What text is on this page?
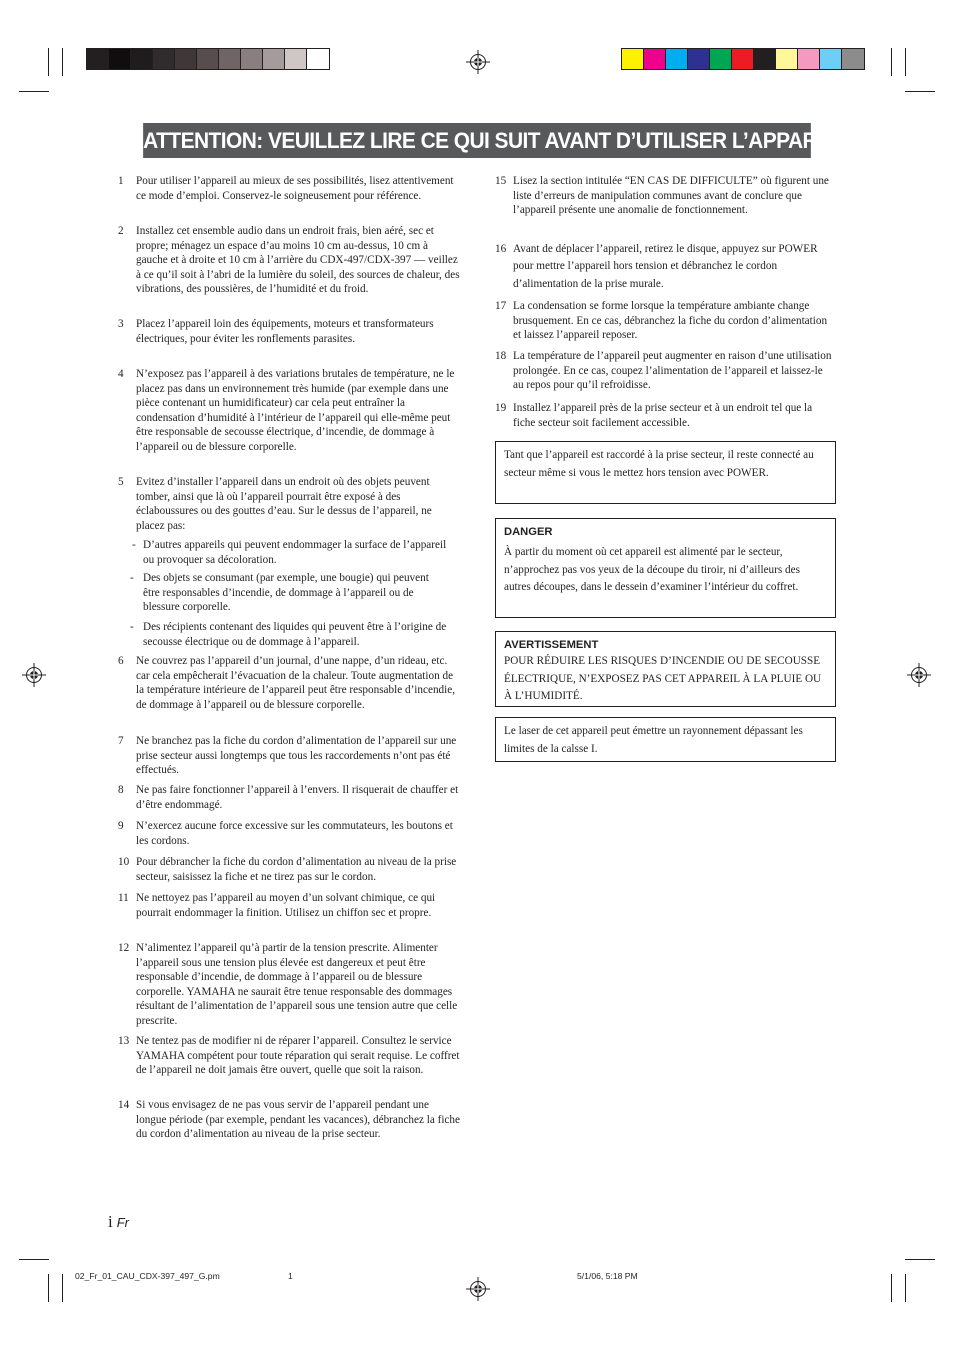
ATTENTION: VEUILLEZ LIRE CE QUI SUIT AVANT D’UTILISER L’APPAREIL.
1 Pour utiliser l’appareil au mieux de ses possibilités, lisez attentivement ce mode d’emploi. Conservez-le soigneusement pour référence.
2 Installez cet ensemble audio dans un endroit frais, bien aéré, sec et propre; ménagez un espace d’au moins 10 cm au-dessus, 10 cm à gauche et à droite et 10 cm à l’arrière du CDX-497/CDX-397 — veillez à ce qu’il soit à l’abri de la lumière du soleil, des sources de chaleur, des vibrations, des poussières, de l’humidité et du froid.
3 Placez l’appareil loin des équipements, moteurs et transformateurs électriques, pour éviter les ronflements parasites.
4 N’exposez pas l’appareil à des variations brutales de température, ne le placez pas dans un environnement très humide (par exemple dans une pièce contenant un humidificateur) car cela peut entraîner la condensation d’humidité à l’intérieur de l’appareil qui elle-même peut être responsable de secousse électrique, d’incendie, de dommage à l’appareil ou de blessure corporelle.
5 Evitez d’installer l’appareil dans un endroit où des objets peuvent tomber, ainsi que là où l’appareil pourrait être exposé à des éclaboussures ou des gouttes d’eau. Sur le dessus de l’appareil, ne placez pas:
- D’autres appareils qui peuvent endommager la surface de l’appareil ou provoquer sa décoloration.
- Des objets se consumant (par exemple, une bougie) qui peuvent être responsables d’incendie, de dommage à l’appareil ou de blessure corporelle.
- Des récipients contenant des liquides qui peuvent être à l’origine de secousse électrique ou de dommage à l’appareil.
6 Ne couvrez pas l’appareil d’un journal, d’une nappe, d’un rideau, etc. car cela empêcherait l’évacuation de la chaleur. Toute augmentation de la température intérieure de l’appareil peut être responsable d’incendie, de dommage à l’appareil ou de blessure corporelle.
7 Ne branchez pas la fiche du cordon d’alimentation de l’appareil sur une prise secteur aussi longtemps que tous les raccordements n’ont pas été effectués.
8 Ne pas faire fonctionner l’appareil à l’envers. Il risquerait de chauffer et d’être endommagé.
9 N’exercez aucune force excessive sur les commutateurs, les boutons et les cordons.
10 Pour débrancher la fiche du cordon d’alimentation au niveau de la prise secteur, saisissez la fiche et ne tirez pas sur le cordon.
11 Ne nettoyez pas l’appareil au moyen d’un solvant chimique, ce qui pourrait endommager la finition. Utilisez un chiffon sec et propre.
12 N’alimentez l’appareil qu’à partir de la tension prescrite. Alimenter l’appareil sous une tension plus élevée est dangereux et peut être responsable d’incendie, de dommage à l’appareil ou de blessure corporelle. YAMAHA ne saurait être tenue responsable des dommages résultant de l’alimentation de l’appareil sous une tension autre que celle prescrite.
13 Ne tentez pas de modifier ni de réparer l’appareil. Consultez le service YAMAHA compétent pour toute réparation qui serait requise. Le coffret de l’appareil ne doit jamais être ouvert, quelle que soit la raison.
14 Si vous envisagez de ne pas vous servir de l’appareil pendant une longue période (par exemple, pendant les vacances), débranchez la fiche du cordon d’alimentation au niveau de la prise secteur.
15 Lisez la section intitulée “EN CAS DE DIFFICULTE” où figurent une liste d’erreurs de manipulation communes avant de conclure que l’appareil présente une anomalie de fonctionnement.
16 Avant de déplacer l’appareil, retirez le disque, appuyez sur POWER pour mettre l’appareil hors tension et débranchez le cordon d’alimentation de la prise murale.
17 La condensation se forme lorsque la température ambiante change brusquement. En ce cas, débranchez la fiche du cordon d’alimentation et laissez l’appareil reposer.
18 La température de l’appareil peut augmenter en raison d’une utilisation prolongée. En ce cas, coupez l’alimentation de l’appareil et laissez-le au repos pour qu’il refroidisse.
19 Installez l’appareil près de la prise secteur et à un endroit tel que la fiche secteur soit facilement accessible.
Tant que l’appareil est raccordé à la prise secteur, il reste connecté au secteur même si vous le mettez hors tension avec POWER.
DANGER
À partir du moment où cet appareil est alimenté par le secteur, n’approchez pas vos yeux de la découpe du tiroir, ni d’ailleurs des autres découpes, dans le dessein d’examiner l’intérieur du coffret.
AVERTISSEMENT
POUR RÉDUIRE LES RISQUES D’INCENDIE OU DE SECOUSSE ÉLECTRIQUE, N’EXPOSEZ PAS CET APPAREIL À LA PLUIE OU À L’HUMIDITÉ.
Le laser de cet appareil peut émettre un rayonnement dépassant les limites de la calsse I.
i Fr
02_Fr_01_CAU_CDX-397_497_G.pm	1	5/1/06, 5:18 PM
